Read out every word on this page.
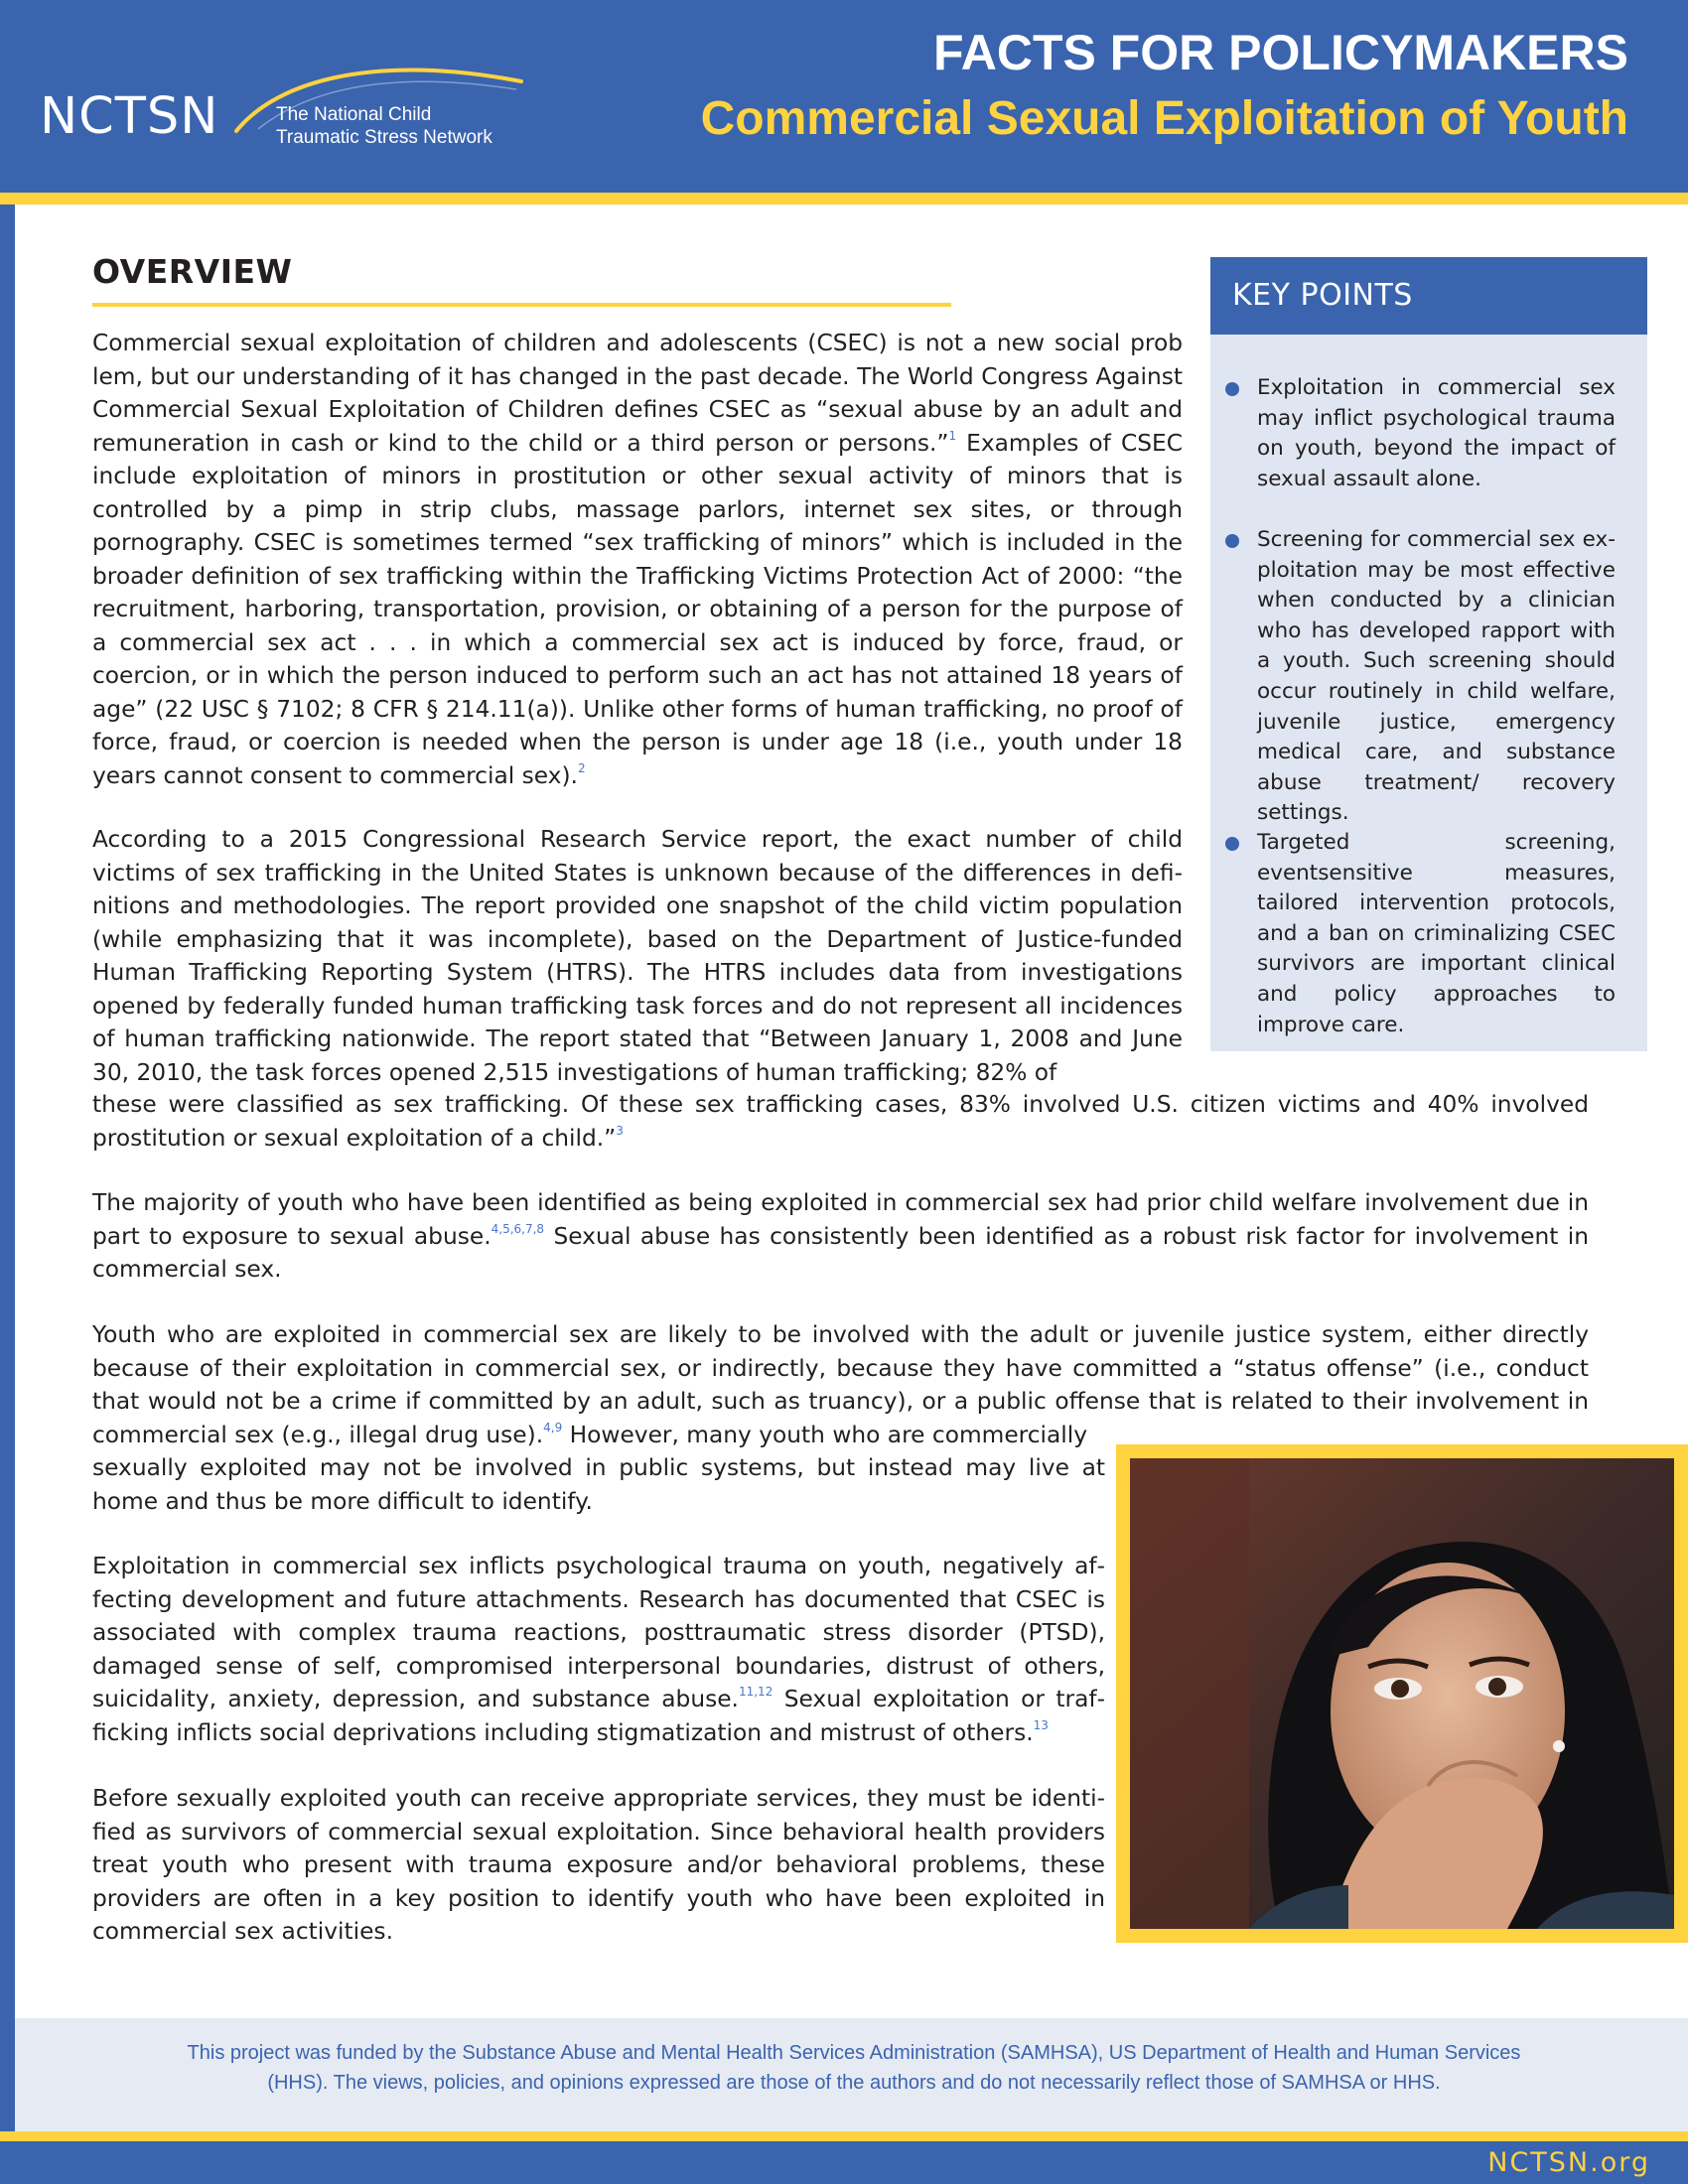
NCTSN	The National Child
Traumatic Stress Network
FACTS FOR POLICYMAKERS
Commercial Sexual Exploitation of Youth
OVERVIEW

Commercial sexual exploitation of children and adolescents (CSEC) is not a new social prob lem, but our understanding of it has changed in the past decade. The World Congress Against Commercial Sexual Exploitation of Children defines CSEC as “sexual abuse by an adult and remuneration in cash or kind to the child or a third person or persons.”$^1$ Examples of CSEC include exploitation of minors in prostitution or other sexual activity of minors that is controlled by a pimp in strip clubs, massage parlors, internet sex sites, or through pornography. CSEC is sometimes termed “sex trafficking of minors” which is included in the broader definition of sex trafficking within the Trafficking Victims Protection Act of 2000: “the recruitment, harboring, transportation, provision, or obtaining of a person for the purpose of a commercial sex act . . . in which a commercial sex act is induced by force, fraud, or coercion, or in which the person induced to perform such an act has not attained 18 years of age” (22 USC § 7102; 8 CFR § 214.11(a)). Unlike other forms of human trafficking, no proof of force, fraud, or coercion is needed when the person is under age 18 (i.e., youth under 18 years cannot consent to commercial sex).$^2$

According to a 2015 Congressional Research Service report, the exact number of child victims of sex trafficking in the United States is unknown because of the differences in definitions and methodologies. The report provided one snapshot of the child victim population (while emphasizing that it was incomplete), based on the Department of Justice-funded Human Trafficking Reporting System (HTRS). The HTRS includes data from investigations opened by federally funded human trafficking task forces and do not represent all incidences of human trafficking nationwide. The report stated that “Between January 1, 2008 and June 30, 2010, the task forces opened 2,515 investigations of human trafficking; 82% of

these were classified as sex trafficking. Of these sex trafficking cases, 83% involved U.S. citizen victims and 40% involved prostitution or sexual exploitation of a child.”$^3$

The majority of youth who have been identified as being exploited in commercial sex had prior child welfare involvement due in part to exposure to sexual abuse.$^{4,5,6,7,8}$ Sexual abuse has consistently been identified as a robust risk factor for involvement in commercial sex.

Youth who are exploited in commercial sex are likely to be involved with the adult or juvenile justice system, either directly because of their exploitation in commercial sex, or indirectly, because they have committed a “status offense” (i.e., conduct that would not be a crime if committed by an adult, such as truancy), or a public offense that is related to their involvement in commercial sex (e.g., illegal drug use).$^{4,9}$ However, many youth who are commercially

sexually exploited may not be involved in public systems, but instead may live at home and thus be more difficult to identify.

Exploitation in commercial sex inflicts psychological trauma on youth, negatively affecting development and future attachments. Research has documented that CSEC is associated with complex trauma reactions, posttraumatic stress disorder (PTSD), damaged sense of self, compromised interpersonal boundaries, distrust of others, suicidality, anxiety, depression, and substance abuse.$^{11,12}$ Sexual exploitation or trafficking inflicts social deprivations including stigmatization and mistrust of others.$^{13}$

Before sexually exploited youth can receive appropriate services, they must be identified as survivors of commercial sexual exploitation. Since behavioral health providers treat youth who present with trauma exposure and/or behavioral problems, these providers are often in a key position to identify youth who have been exploited in commercial sex activities.

KEY POINTS
Exploitation in commercial sex may inflict psychological trauma on youth, beyond the impact of sexual assault alone.
Screening for commercial sex exploitation may be most effective when conducted by a clinician who has developed rapport with a youth. Such screening should occur routinely in child welfare, juvenile justice, emergency medical care, and substance abuse treatment/ recovery settings.
Targeted screening, eventsensitive measures, tailored intervention protocols, and a ban on criminalizing CSEC survivors are important clinical and policy approaches to improve care.

This project was funded by the Substance Abuse and Mental Health Services Administration (SAMHSA), US Department of Health and Human Services (HHS). The views, policies, and opinions expressed are those of the authors and do not necessarily reflect those of SAMHSA or HHS.

NCTSN.org
